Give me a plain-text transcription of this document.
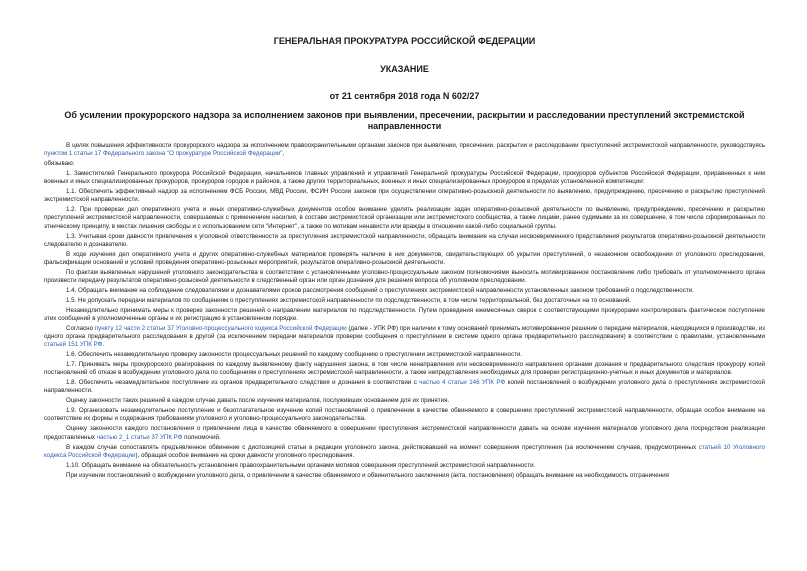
ГЕНЕРАЛЬНАЯ ПРОКУРАТУРА РОССИЙСКОЙ ФЕДЕРАЦИИ
УКАЗАНИЕ
от 21 сентября 2018 года N 602/27
Об усилении прокурорского надзора за исполнением законов при выявлении, пресечении, раскрытии и расследовании преступлений экстремистской направленности

В целях повышения эффективности прокурорского надзора за исполнением правоохранительными органами законов при выявлении, пресечении, раскрытии и расследовании преступлений экстремистской направленности, руководствуясь пунктом 1 статьи 17 Федерального закона "О прокуратуре Российской Федерации",

обязываю:

1. Заместителей Генерального прокурора Российской Федерации, начальников главных управлений и управлений Генеральной прокуратуры Российской Федерации, прокуроров субъектов Российской Федерации, приравненных к ним военных и иных специализированных прокуроров, прокуроров городов и районов, а также других территориальных, военных и иных специализированных прокуроров в пределах установленной компетенции:

1.1. Обеспечить эффективный надзор за исполнением ФСБ России, МВД России, ФСИН России законов при осуществлении оперативно-розыскной деятельности по выявлению, предупреждению, пресечению и раскрытию преступлений экстремистской направленности.

1.2. При проверках дел оперативного учета и иных оперативно-служебных документов особое внимание уделять реализации задач оперативно-розыскной деятельности по выявлению, предупреждению, пресечению и раскрытию преступлений экстремистской направленности, совершаемых с применением насилия, в составе экстремистской организации или экстремистского сообщества, а также лицами, ранее судимыми за их совершение, в том числе сформированных по этническому принципу, в местах лишения свободы и с использованием сети "Интернет", а также по мотивам ненависти или вражды в отношении какой-либо социальной группы.

1.3. Учитывая сроки давности привлечения к уголовной ответственности за преступления экстремистской направленности, обращать внимание на случаи несвоевременного представления результатов оперативно-розыскной деятельности следователю и дознавателю.

В ходе изучения дел оперативного учета и других оперативно-служебных материалов проверять наличие в них документов, свидетельствующих об укрытии преступлений, о незаконном освобождении от уголовного преследования, фальсификации оснований и условий проведения оперативно-розыскных мероприятий, результатов оперативно-розыскной деятельности.

По фактам выявленных нарушений уголовного законодательства в соответствии с установленными уголовно-процессуальным законом полномочиями выносить мотивированное постановление либо требовать от уполномоченного органа произвести передачу результатов оперативно-розыскной деятельности в следственный орган или орган дознания для решения вопроса об уголовном преследовании.

1.4. Обращать внимание на соблюдение следователями и дознавателями сроков рассмотрения сообщений о преступлениях экстремистской направленности установленных законом требований о подследственности.

1.5. Не допускать передачи материалов по сообщениям о преступлениях экстремистской направленности по подследственности, в том числе территориальной, без достаточных на то оснований.

Незамедлительно принимать меры к проверке законности решений о направлении материалов по подследственности. Путем проведения ежемесячных сверок с соответствующими прокурорами контролировать фактическое поступление этих сообщений в уполномоченные органы и их регистрацию в установленном порядке.

Согласно пункту 12 части 2 статьи 37 Уголовно-процессуального кодекса Российской Федерации (далее - УПК РФ) при наличии к тому оснований принимать мотивированное решение о передаче материалов, находящихся в производстве, из одного органа предварительного расследования в другой (за исключением передачи материалов проверки сообщения о преступлении в системе одного органа предварительного расследования) в соответствии с правилами, установленными статьей 151 УПК РФ.

1.6. Обеспечить незамедлительную проверку законности процессуальных решений по каждому сообщению о преступлении экстремистской направленности.

1.7. Принимать меры прокурорского реагирования по каждому выявленному факту нарушения закона, в том числе ненаправления или несвоевременного направления органами дознания и предварительного следствия прокурору копий постановлений об отказе в возбуждении уголовного дела по сообщениям о преступлениях экстремистской направленности, а также непредставления необходимых для проверки регистрационно-учетных и иных документов и материалов.

1.8. Обеспечить незамедлительное поступление из органов предварительного следствия и дознания в соответствии с частью 4 статьи 146 УПК РФ копий постановлений о возбуждении уголовного дела о преступлениях экстремистской направленности.

Оценку законности таких решений в каждом случае давать после изучения материалов, послуживших основанием для их принятия.

1.9. Организовать незамедлительное поступление и безотлагательное изучение копий постановлений о привлечении в качестве обвиняемого в совершении преступлений экстремистской направленности, обращая особое внимание на соответствие их формы и содержания требованиям уголовного и уголовно-процессуального законодательства.

Оценку законности каждого постановления о привлечении лица в качестве обвиняемого в совершении преступления экстремистской направленности давать на основе изучения материалов уголовного дела посредством реализации предоставленных частью 2_1 статьи 37 УПК РФ полномочий.

В каждом случае сопоставлять предъявленное обвинение с диспозицией статьи в редакции уголовного закона, действовавшей на момент совершения преступления (за исключением случаев, предусмотренных статьей 10 Уголовного кодекса Российской Федерации), обращая особое внимание на сроки давности уголовного преследования.

1.10. Обращать внимание на обязательность установления правоохранительными органами мотивов совершения преступлений экстремистской направленности.

При изучении постановлений о возбуждении уголовного дела, о привлечении в качестве обвиняемого и обвинительного заключения (акта, постановления) обращать внимание на необходимость отграничения
